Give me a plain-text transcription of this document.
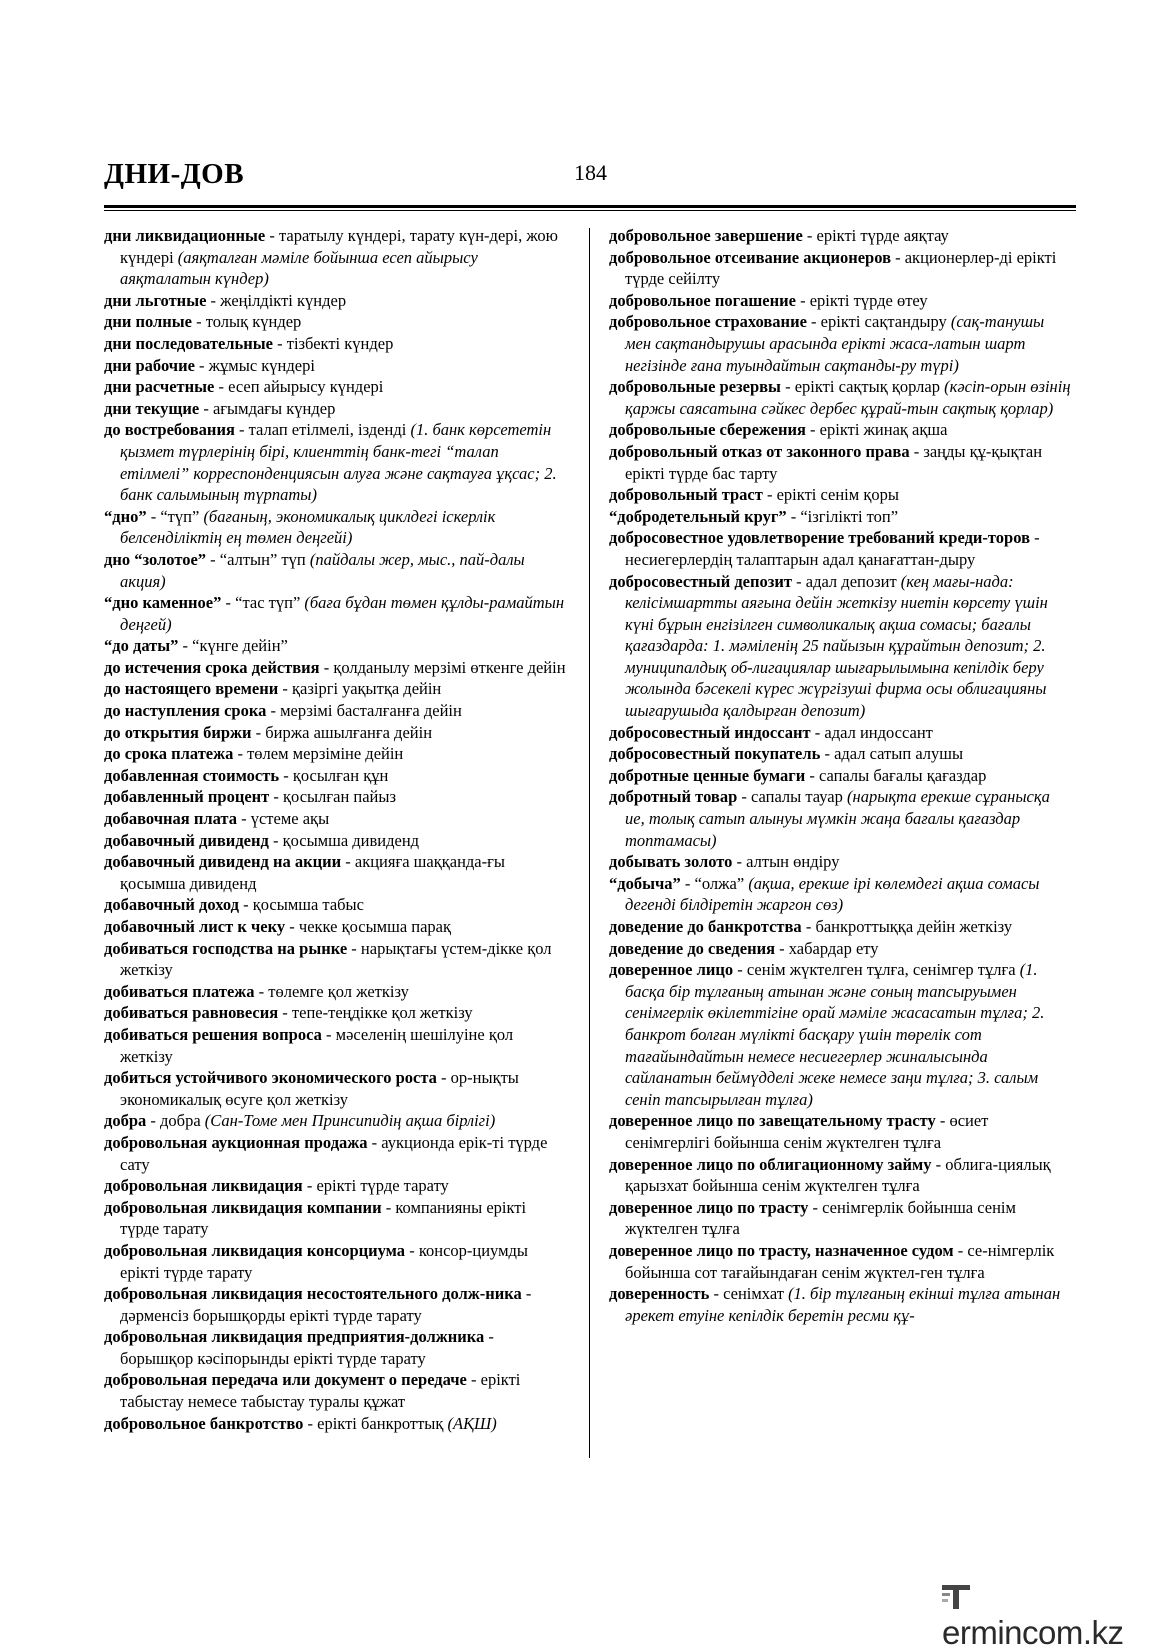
ДНИ-ДОВ	184

дни ликвидационные - таратылу күндері, тарату күн-дері, жою күндері (аяқталған мәміле бойынша есеп айырысу аяқталатын күндер)

дни льготные - жеңілдікті күндер

дни полные - толық күндер

дни последовательные - тізбекті күндер

дни рабочие - жұмыс күндері

дни расчетные - есеп айырысу күндері

дни текущие - ағымдағы күндер

до востребования - талап етілмелі, ізденді (1. банк көрсететін қызмет түрлерінің бірі, клиенттің банк-тегі “талап етілмелі” корреспонденциясын алуға және сақтауға ұқсас; 2. банк салымының түрпаты)

“дно” - “түп” (бағаның, экономикалық циклдегі іскерлік белсенділіктің ең төмен деңгейі)

дно “золотое” - “алтын” түп (пайдалы жер, мыс., пай-далы акция)

“дно каменное” - “тас түп” (баға бұдан төмен құлды-рамайтын деңгей)

“до даты” - “күнге дейін”

до истечения срока действия - қолданылу мерзімі өткенге дейін

до настоящего времени - қазіргі уақытқа дейін

до наступления срока - мерзімі басталғанға дейін

до открытия биржи - биржа ашылғанға дейін

до срока платежа - төлем мерзіміне дейін

добавленная стоимость - қосылған құн

добавленный процент - қосылған пайыз

добавочная плата - үстеме ақы

добавочный дивиденд - қосымша дивиденд

добавочный дивиденд на акции - акцияға шаққанда-ғы қосымша дивиденд

добавочный доход - қосымша табыс

добавочный лист к чеку - чекке қосымша парақ

добиваться господства на рынке - нарықтағы үстем-дікке қол жеткізу

добиваться платежа - төлемге қол жеткізу

добиваться равновесия - тепе-теңдікке қол жеткізу

добиваться решения вопроса - мәселенің шешілуіне қол жеткізу

добиться устойчивого экономического роста - ор-нықты экономикалық өсуге қол жеткізу

добра - добра (Сан-Томе мен Принсипидің ақша бірлігі)

добровольная аукционная продажа - аукционда ерік-ті түрде сату

добровольная ликвидация - ерікті түрде тарату

добровольная ликвидация компании - компанияны ерікті түрде тарату

добровольная ликвидация консорциума - консор-циумды ерікті түрде тарату

добровольная ликвидация несостоятельного долж-ника - дәрменсіз борышқорды ерікті түрде тарату

добровольная ликвидация предприятия-должника - борышқор кәсіпорынды ерікті түрде тарату

добровольная передача или документ о передаче - ерікті табыстау немесе табыстау туралы құжат

добровольное банкротство - ерікті банкроттық (АҚШ)

добровольное завершение - ерікті түрде аяқтау

добровольное отсеивание акционеров - акционерлер-ді ерікті түрде сейілту

добровольное погашение - ерікті түрде өтеу

добровольное страхование - ерікті сақтандыру (сақ-танушы мен сақтандырушы арасында ерікті жаса-латын шарт негізінде ғана туындайтын сақтанды-ру түрі)

добровольные резервы - ерікті сақтық қорлар (кәсіп-орын өзінің қаржы саясатына сәйкес дербес құрай-тын сақтық қорлар)

добровольные сбережения - ерікті жинақ ақша

добровольный отказ от законного права - заңды құ-қықтан ерікті түрде бас тарту

добровольный траст - ерікті сенім қоры

“добродетельный круг” - “ізгілікті топ”

добросовестное удовлетворение требований креди-торов - несиегерлердің талаптарын адал қанағаттан-дыру

добросовестный депозит - адал депозит (кең мағы-нада: келісімшартты аяғына дейін жеткізу ниетін көрсету үшін күні бұрын енгізілген символикалық ақша сомасы; бағалы қағаздарда: 1. мәміленің 25 пайызын құрайтын депозит; 2. муниципалдық об-лигациялар шығарылымына кепілдік беру жолында бәсекелі күрес жүргізуші фирма осы облигацияны шығарушыда қалдырған депозит)

добросовестный индоссант - адал индоссант

добросовестный покупатель - адал сатып алушы

добротные ценные бумаги - сапалы бағалы қағаздар

добротный товар - сапалы тауар (нарықта ерекше сұранысқа ие, толық сатып алынуы мүмкін жаңа бағалы қағаздар топтамасы)

добывать золото - алтын өндіру

“добыча” - “олжа” (ақша, ерекше ірі көлемдегі ақша сомасы дегенді білдіретін жаргон сөз)

доведение до банкротства - банкроттыққа дейін жеткізу

доведение до сведения - хабардар ету

доверенное лицо - сенім жүктелген тұлға, сенімгер тұлға (1. басқа бір тұлғаның атынан және соның тапсыруымен сенімгерлік өкілеттігіне орай мәміле жасасатын тұлға; 2. банкрот болған мүлікті басқару үшін төрелік сот тағайындайтын немесе несиегерлер жиналысында сайланатын беймүдделі жеке немесе заңи тұлға; 3. салым сеніп тапсырылған тұлға)

доверенное лицо по завещательному трасту - өсиет сенімгерлігі бойынша сенім жүктелген тұлға

доверенное лицо по облигационному займу - облига-циялық қарызхат бойынша сенім жүктелген тұлға

доверенное лицо по трасту - сенімгерлік бойынша сенім жүктелген тұлға

доверенное лицо по трасту, назначенное судом - се-німгерлік бойынша сот тағайындаған сенім жүктел-ген тұлға

доверенность - сенімхат (1. бір тұлғаның екінші тұлға атынан әрекет етуіне кепілдік беретін ресми құ-

ermincom.kz
